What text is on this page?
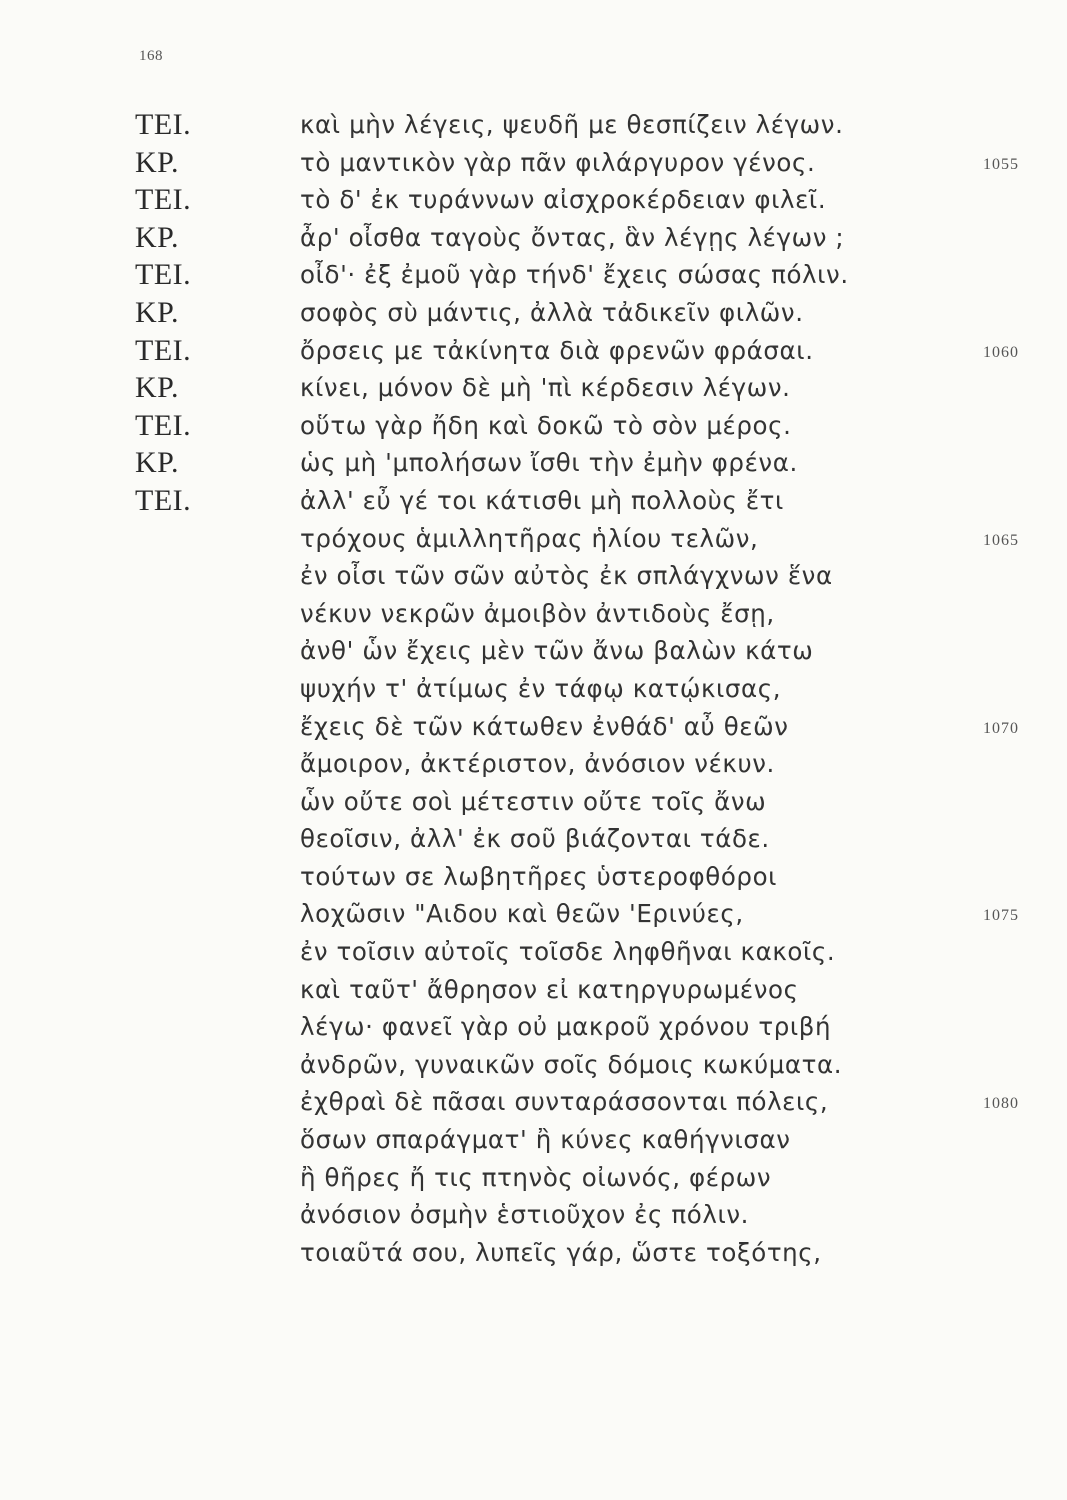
168
TEI.	καὶ μὴν λέγεις, ψευδῆ με θεσπίζειν λέγων.
KP.	τὸ μαντικὸν γὰρ πᾶν φιλάργυρον γένος.	1055
TEI.	τὸ δ' ἐκ τυράννων αἰσχροκέρδειαν φιλεῖ.
KP.	ἆρ' οἶσθα ταγοὺς ὄντας, ἃν λέγῃς λέγων ;
TEI.	οἶδ'· ἐξ ἐμοῦ γὰρ τήνδ' ἔχεις σώσας πόλιν.
KP.	σοφὸς σὺ μάντις, ἀλλὰ τἀδικεῖν φιλῶν.
TEI.	ὄρσεις με τἀκίνητα διὰ φρενῶν φράσαι.	1060
KP.	κίνει, μόνον δὲ μὴ 'πὶ κέρδεσιν λέγων.
TEI.	οὕτω γὰρ ἤδη καὶ δοκῶ τὸ σὸν μέρος.
KP.	ὡς μὴ 'μπολήσων ἴσθι τὴν ἐμὴν φρένα.
TEI.	ἀλλ' εὖ γέ τοι κάτισθι μὴ πολλοὺς ἔτι
τρόχους ἁμιλλητῆρας ἡλίου τελῶν,	1065
ἐν οἶσι τῶν σῶν αὐτὸς ἐκ σπλάγχνων ἕνα
νέκυν νεκρῶν ἀμοιβὸν ἀντιδοὺς ἔσῃ,
ἀνθ' ὧν ἔχεις μὲν τῶν ἄνω βαλὼν κάτω
ψυχήν τ' ἀτίμως ἐν τάφῳ κατῴκισας,
ἔχεις δὲ τῶν κάτωθεν ἐνθάδ' αὖ θεῶν	1070
ἄμοιρον, ἀκτέριστον, ἀνόσιον νέκυν.
ὧν οὔτε σοὶ μέτεστιν οὔτε τοῖς ἄνω
θεοῖσιν, ἀλλ' ἐκ σοῦ βιάζονται τάδε.
τούτων σε λωβητῆρες ὑστεροφθόροι
λοχῶσιν "Αιδου καὶ θεῶν 'Ερινύες,	1075
ἐν τοῖσιν αὐτοῖς τοῖσδε ληφθῆναι κακοῖς.
καὶ ταῦτ' ἄθρησον εἰ κατηργυρωμένος
λέγω· φανεῖ γὰρ οὐ μακροῦ χρόνου τριβή
ἀνδρῶν, γυναικῶν σοῖς δόμοις κωκύματα.
ἐχθραὶ δὲ πᾶσαι συνταράσσονται πόλεις,	1080
ὅσων σπαράγματ' ἢ κύνες καθήγνισαν
ἢ θῆρες ἤ τις πτηνὸς οἰωνός, φέρων
ἀνόσιον ὀσμὴν ἑστιοῦχον ἐς πόλιν.
τοιαῦτά σου, λυπεῖς γάρ, ὥστε τοξότης,
